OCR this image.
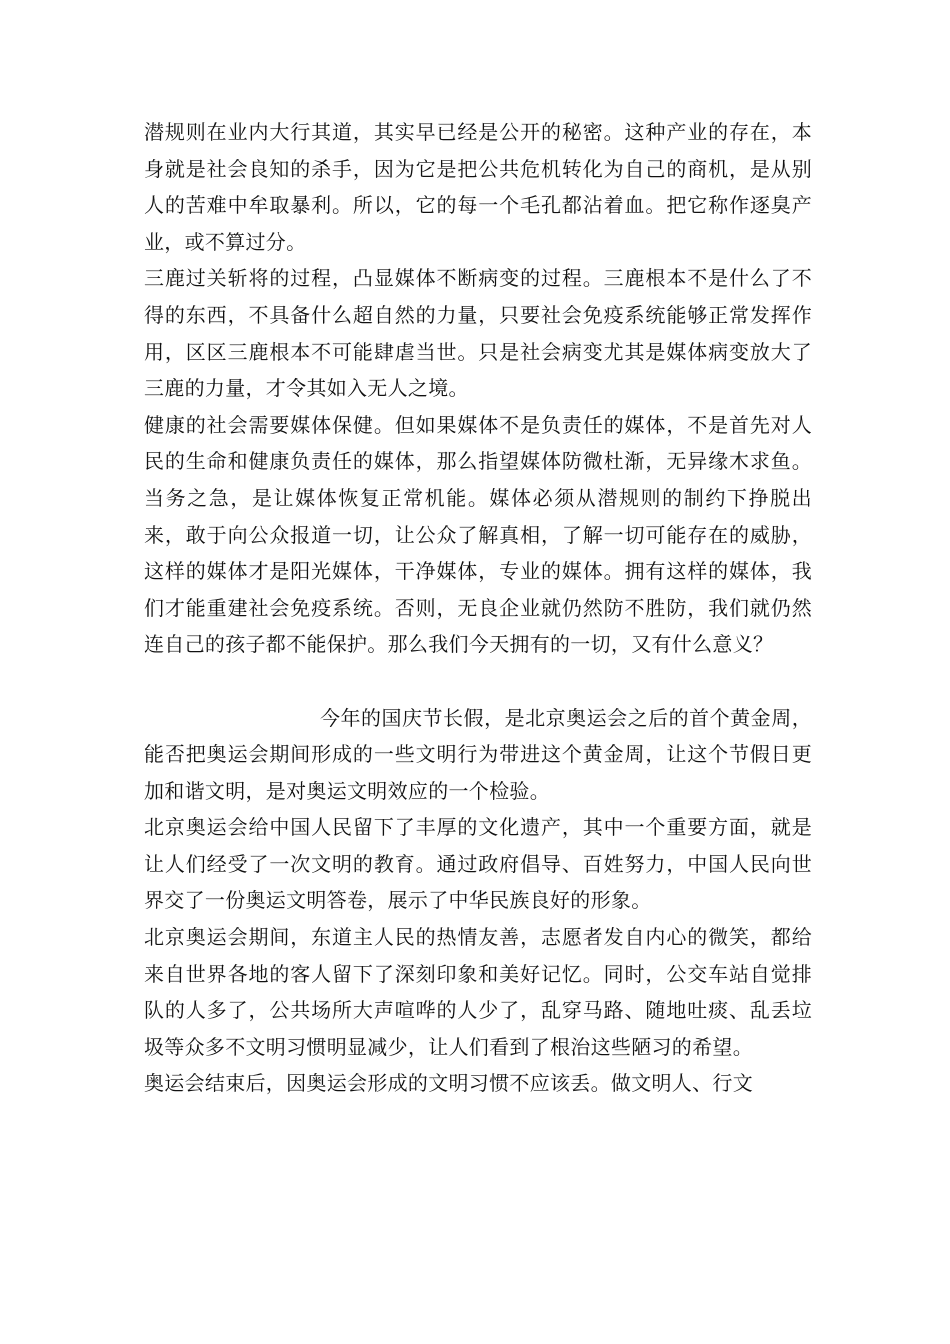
潜规则在业内大行其道，其实早已经是公开的秘密。这种产业的存在，本身就是社会良知的杀手，因为它是把公共危机转化为自己的商机，是从别人的苦难中牟取暴利。所以，它的每一个毛孔都沾着血。把它称作逐臭产业，或不算过分。

三鹿过关斩将的过程，凸显媒体不断病变的过程。三鹿根本不是什么了不得的东西，不具备什么超自然的力量，只要社会免疫系统能够正常发挥作用，区区三鹿根本不可能肆虐当世。只是社会病变尤其是媒体病变放大了三鹿的力量，才令其如入无人之境。

健康的社会需要媒体保健。但如果媒体不是负责任的媒体，不是首先对人民的生命和健康负责任的媒体，那么指望媒体防微杜渐，无异缘木求鱼。当务之急，是让媒体恢复正常机能。媒体必须从潜规则的制约下挣脱出来，敢于向公众报道一切，让公众了解真相，了解一切可能存在的威胁，这样的媒体才是阳光媒体，干净媒体，专业的媒体。拥有这样的媒体，我们才能重建社会免疫系统。否则，无良企业就仍然防不胜防，我们就仍然连自己的孩子都不能保护。那么我们今天拥有的一切，又有什么意义？

今年的国庆节长假，是北京奥运会之后的首个黄金周，能否把奥运会期间形成的一些文明行为带进这个黄金周，让这个节假日更加和谐文明，是对奥运文明效应的一个检验。

北京奥运会给中国人民留下了丰厚的文化遗产，其中一个重要方面，就是让人们经受了一次文明的教育。通过政府倡导、百姓努力，中国人民向世界交了一份奥运文明答卷，展示了中华民族良好的形象。

北京奥运会期间，东道主人民的热情友善，志愿者发自内心的微笑，都给来自世界各地的客人留下了深刻印象和美好记忆。同时，公交车站自觉排队的人多了，公共场所大声喧哗的人少了，乱穿马路、随地吐痰、乱丢垃圾等众多不文明习惯明显减少，让人们看到了根治这些陋习的希望。

奥运会结束后，因奥运会形成的文明习惯不应该丢。做文明人、行文
